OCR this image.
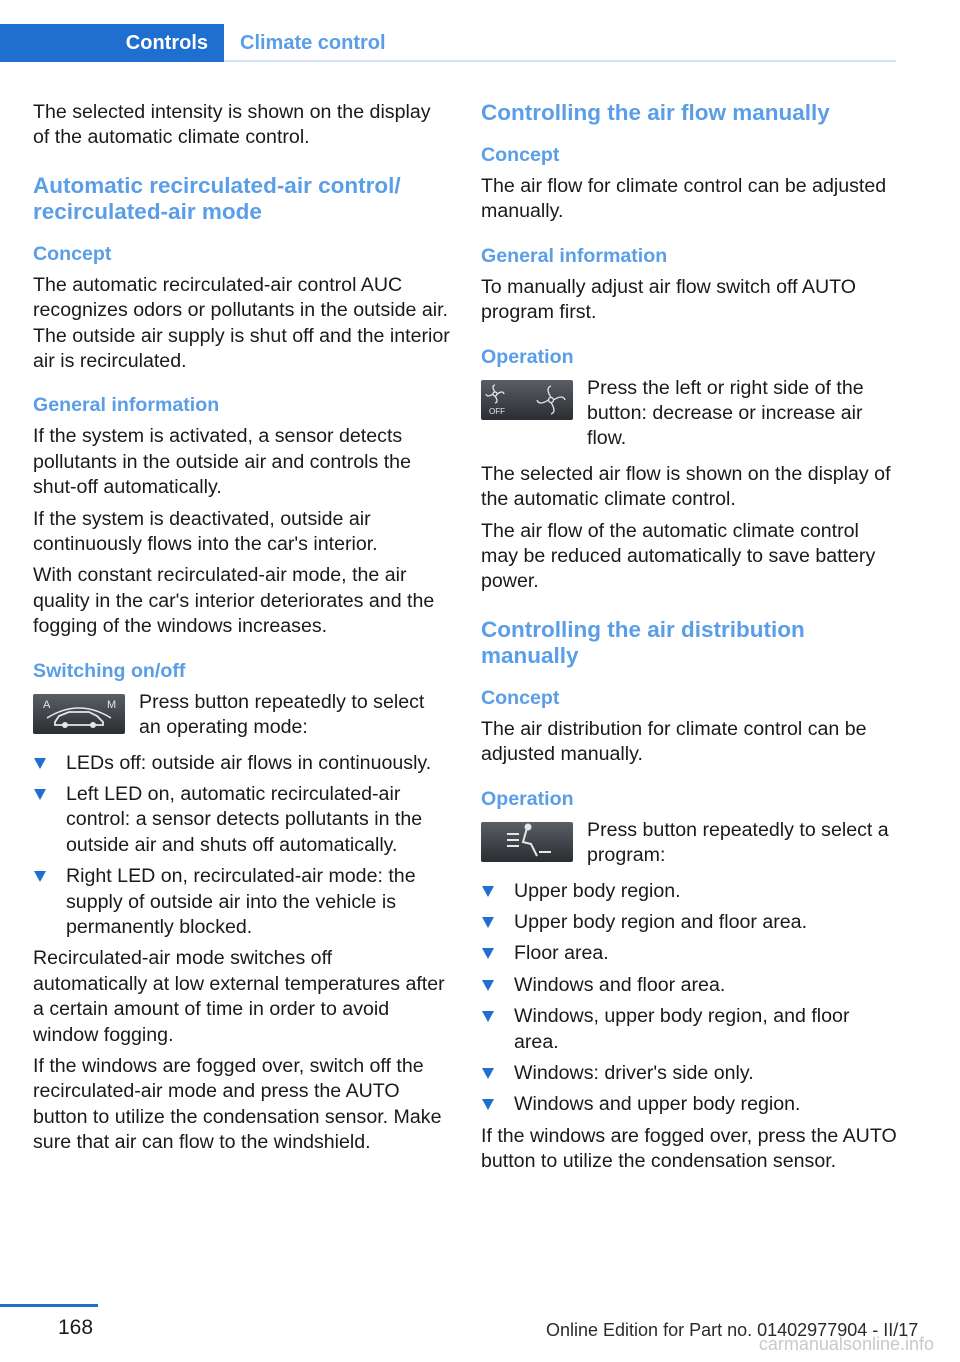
Controls Climate control

The selected intensity is shown on the display of the automatic climate control.

Automatic recirculated-air control/ recirculated-air mode
Concept

The automatic recirculated-air control AUC recognizes odors or pollutants in the outside air. The outside air supply is shut off and the interior air is recirculated.

General information

If the system is activated, a sensor detects pollutants in the outside air and controls the shut-off automatically.

If the system is deactivated, outside air continuously flows into the car's interior.

With constant recirculated-air mode, the air quality in the car's interior deteriorates and the fogging of the windows increases.

Switching on/off
A	M Press button repeatedly to select an operating mode:
LEDs off: outside air flows in continuously.
Left LED on, automatic recirculated-air control: a sensor detects pollutants in the outside air and shuts off automatically.
Right LED on, recirculated-air mode: the supply of outside air into the vehicle is permanently blocked.

Recirculated-air mode switches off automatically at low external temperatures after a certain amount of time in order to avoid window fogging.

If the windows are fogged over, switch off the recirculated-air mode and press the AUTO button to utilize the condensation sensor. Make sure that air can flow to the windshield.

Controlling the air flow manually
Concept

The air flow for climate control can be adjusted manually.

General information

To manually adjust air flow switch off AUTO program first.

Operation
OFF
Press the left or right side of the button: decrease or increase air flow.

The selected air flow is shown on the display of the automatic climate control.

The air flow of the automatic climate control may be reduced automatically to save battery power.

Controlling the air distribution manually
Concept

The air distribution for climate control can be adjusted manually.

Operation
Press button repeatedly to select a program:
Upper body region.
Upper body region and floor area.
Floor area.
Windows and floor area.
Windows, upper body region, and floor area.
Windows: driver's side only.
Windows and upper body region.

If the windows are fogged over, press the AUTO button to utilize the condensation sensor.

168	Online Edition for Part no. 01402977904 - II/17
carmanualsonline.info
